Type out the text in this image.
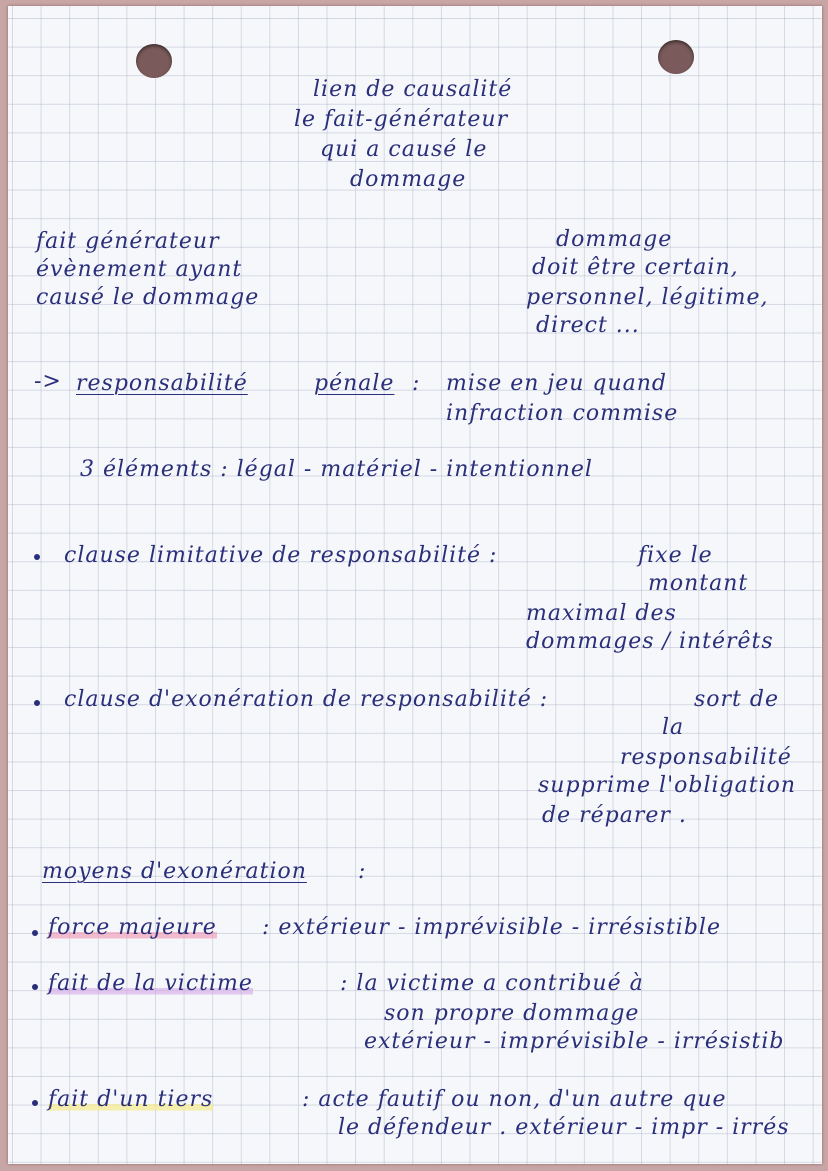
lien de causalité
le fait-générateur
qui a causé le
dommage
fait générateur
évènement ayant
causé le dommage
dommage
doit être certain,
personnel, légitime,
direct ...
-> responsabilité	pénale : mise en jeu quand
infraction commise
3 éléments : légal - matériel - intentionnel
clause limitative de responsabilité :	fixe le
montant
maximal des
dommages / intérêts
clause d'exonération de responsabilité :	sort de
la
responsabilité
supprime l'obligation
de réparer .
moyens d'exonération :
force majeure : extérieur - imprévisible - irrésistible
fait de la victime	: la victime a contribué à
son propre dommage
extérieur - imprévisible - irrésistib
fait d'un tiers	: acte fautif ou non, d'un autre que
le défendeur . extérieur - impr - irrés
